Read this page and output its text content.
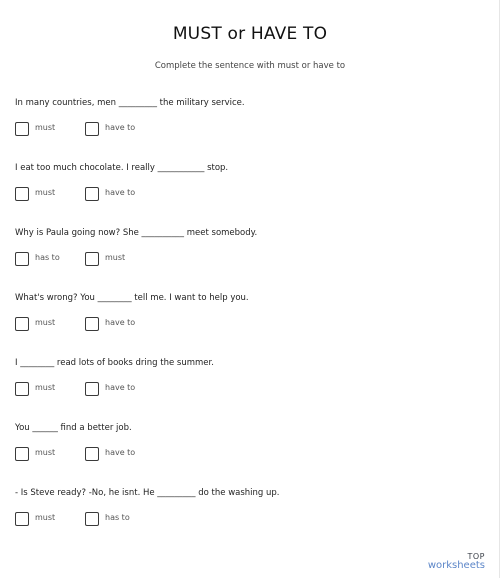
MUST or HAVE TO
Complete the sentence with must or have to
In many countries, men _________ the military service.
must	have to
I eat too much chocolate. I really ___________ stop.
must	have to
Why is Paula going now? She __________ meet somebody.
has to	must
What's wrong? You ________ tell me. I want to help you.
must	have to
I ________ read lots of books dring the summer.
must	have to
You ______ find a better job.
must	have to
- Is Steve ready? -No, he isnt. He _________ do the washing up.
must	has to
TOP
worksheets
